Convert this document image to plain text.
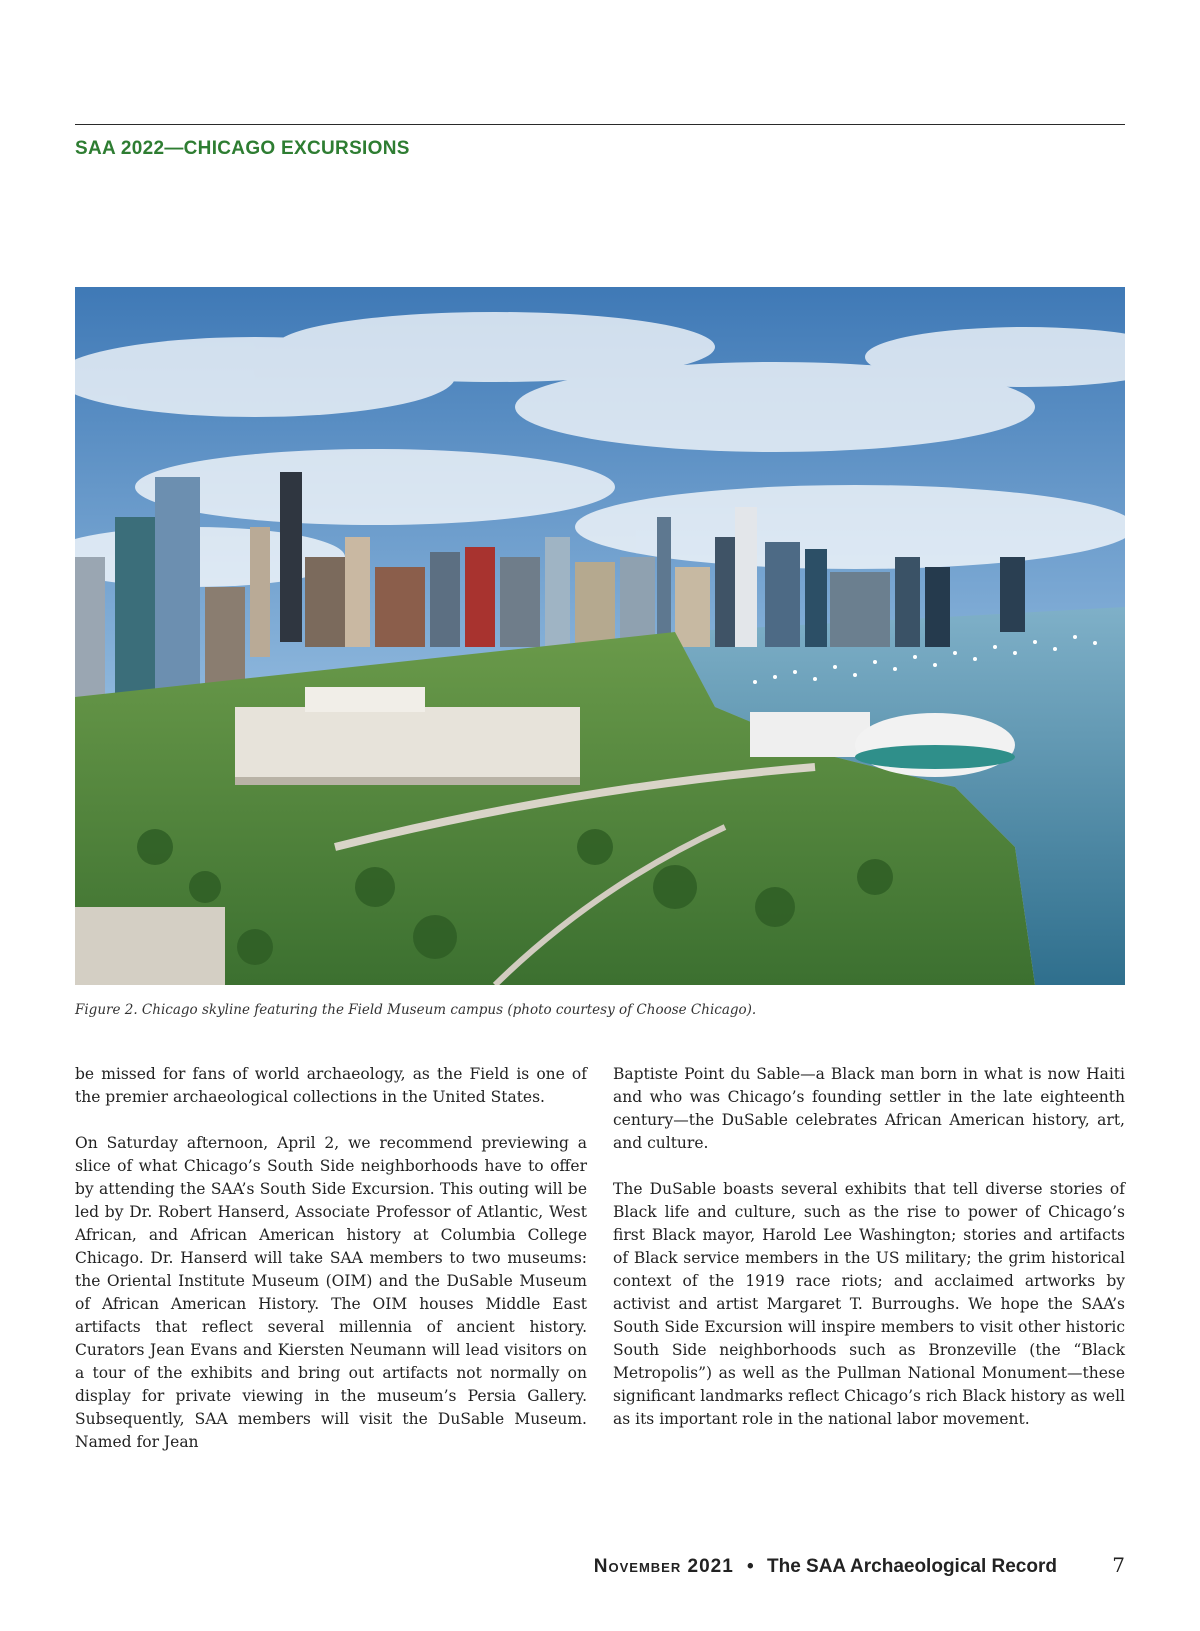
SAA 2022—CHICAGO EXCURSIONS
Figure 2. Chicago skyline featuring the Field Museum campus (photo courtesy of Choose Chicago).

be missed for fans of world archaeology, as the Field is one of the premier archaeological collections in the United States.

On Saturday afternoon, April 2, we recommend previewing a slice of what Chicago’s South Side neighborhoods have to offer by attending the SAA’s South Side Excursion. This outing will be led by Dr. Robert Hanserd, Associate Professor of Atlantic, West African, and African American history at Columbia College Chicago. Dr. Hanserd will take SAA members to two museums: the Oriental Institute Museum (OIM) and the DuSable Museum of African American History. The OIM houses Middle East artifacts that reflect several millennia of ancient history. Curators Jean Evans and Kiersten Neumann will lead visitors on a tour of the exhibits and bring out artifacts not normally on display for private viewing in the museum’s Persia Gallery. Subsequently, SAA members will visit the DuSable Museum. Named for Jean

Baptiste Point du Sable—a Black man born in what is now Haiti and who was Chicago’s founding settler in the late eighteenth century—the DuSable celebrates African American history, art, and culture.

The DuSable boasts several exhibits that tell diverse stories of Black life and culture, such as the rise to power of Chicago’s first Black mayor, Harold Lee Washington; stories and artifacts of Black service members in the US military; the grim historical context of the 1919 race riots; and acclaimed artworks by activist and artist Margaret T. Burroughs. We hope the SAA’s South Side Excursion will inspire members to visit other historic South Side neighborhoods such as Bronzeville (the “Black Metropolis”) as well as the Pullman National Monument—these significant landmarks reflect Chicago’s rich Black history as well as its important role in the national labor movement.

November 2021 • The SAA Archaeological Record	7
